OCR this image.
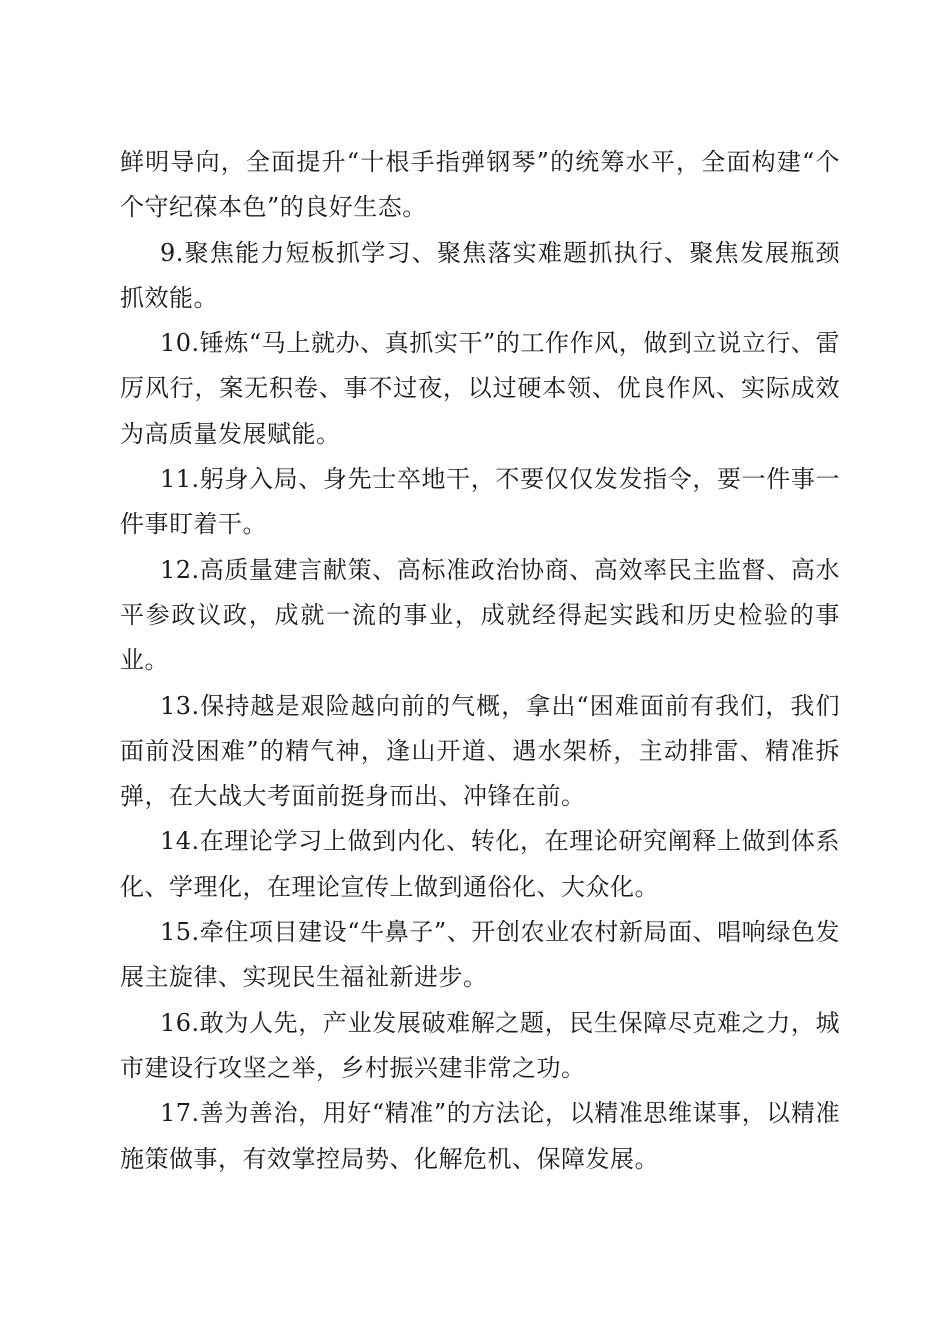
鲜明导向，全面提升“十根手指弹钢琴”的统筹水平，全面构建“个个守纪葆本色”的良好生态。

9.聚焦能力短板抓学习、聚焦落实难题抓执行、聚焦发展瓶颈抓效能。

10.锤炼“马上就办、真抓实干”的工作作风，做到立说立行、雷厉风行，案无积卷、事不过夜，以过硬本领、优良作风、实际成效为高质量发展赋能。

11.躬身入局、身先士卒地干，不要仅仅发发指令，要一件事一件事盯着干。

12.高质量建言献策、高标准政治协商、高效率民主监督、高水平参政议政，成就一流的事业，成就经得起实践和历史检验的事业。

13.保持越是艰险越向前的气概，拿出“困难面前有我们，我们面前没困难”的精气神，逢山开道、遇水架桥，主动排雷、精准拆弹，在大战大考面前挺身而出、冲锋在前。

14.在理论学习上做到内化、转化，在理论研究阐释上做到体系化、学理化，在理论宣传上做到通俗化、大众化。

15.牵住项目建设“牛鼻子”、开创农业农村新局面、唱响绿色发展主旋律、实现民生福祉新进步。

16.敢为人先，产业发展破难解之题，民生保障尽克难之力，城市建设行攻坚之举，乡村振兴建非常之功。

17.善为善治，用好“精准”的方法论，以精准思维谋事，以精准施策做事，有效掌控局势、化解危机、保障发展。
